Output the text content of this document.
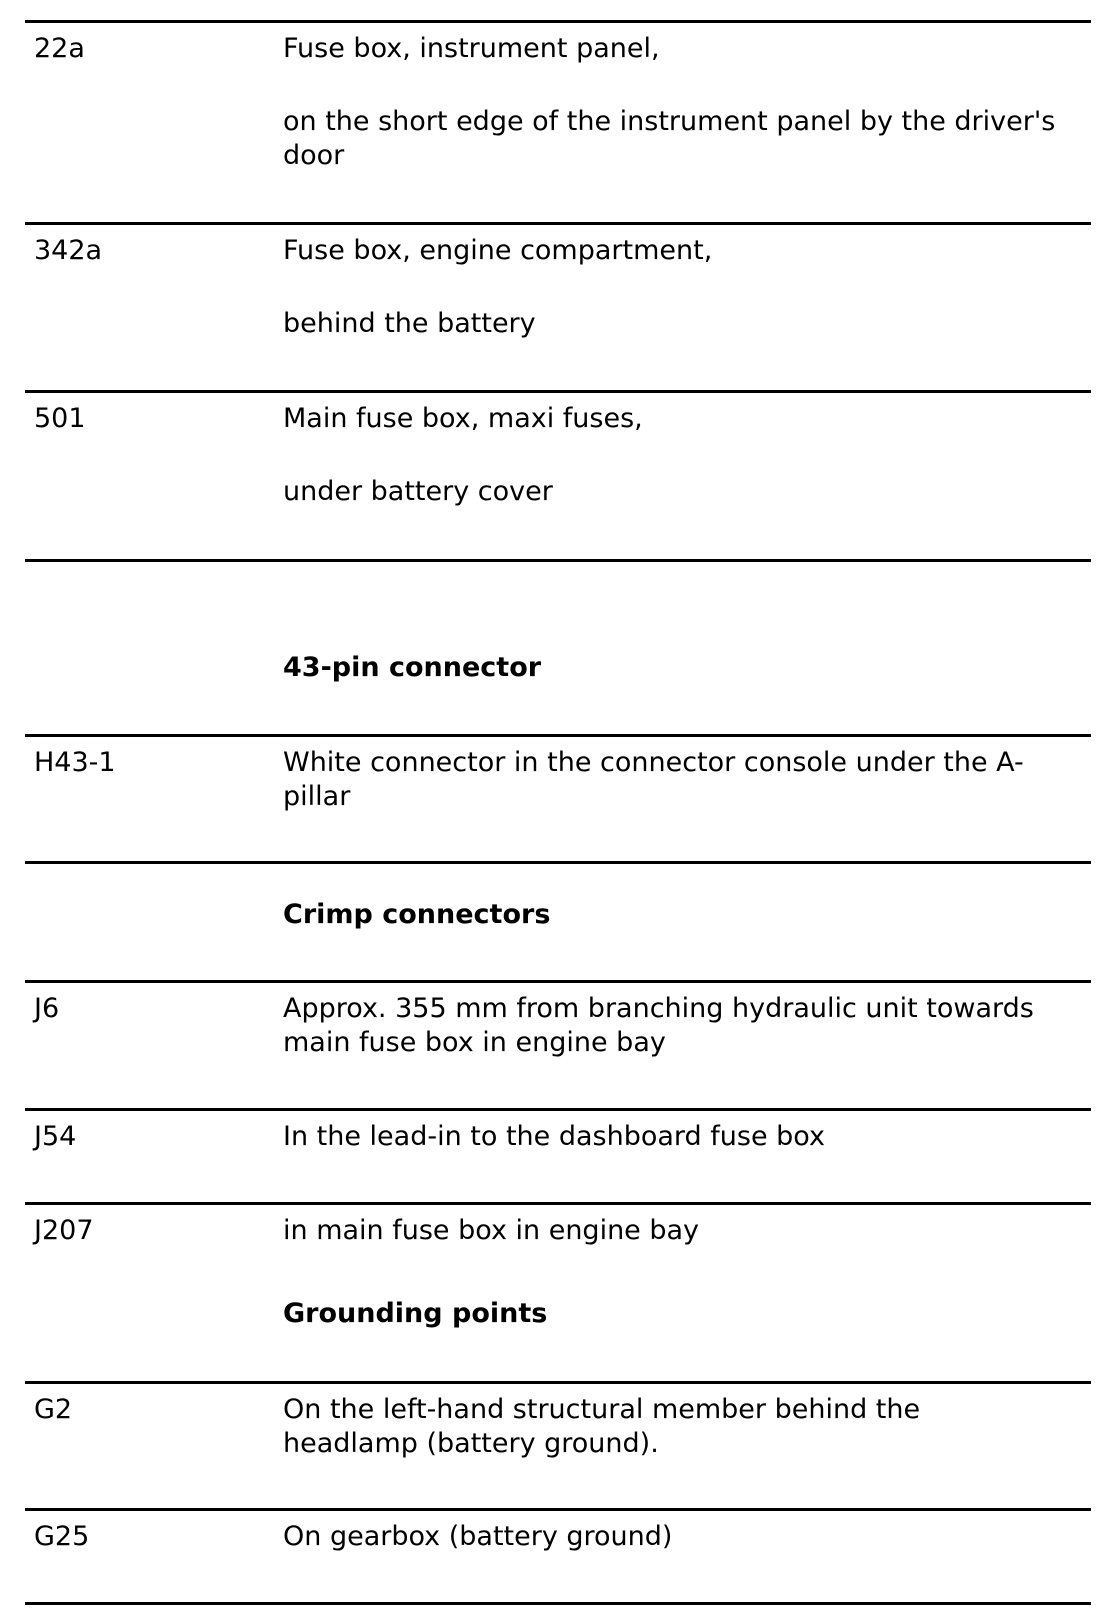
22a	Fuse box, instrument panel,
on the short edge of the instrument panel by the driver's door
342a	Fuse box, engine compartment,
behind the battery
501	Main fuse box, maxi fuses,
under battery cover
43-pin connector
H43-1	White connector in the connector console under the A-pillar
Crimp connectors
J6	Approx. 355 mm from branching hydraulic unit towards main fuse box in engine bay
J54	In the lead-in to the dashboard fuse box
J207	in main fuse box in engine bay
Grounding points
G2	On the left-hand structural member behind the headlamp (battery ground).
G25	On gearbox (battery ground)
